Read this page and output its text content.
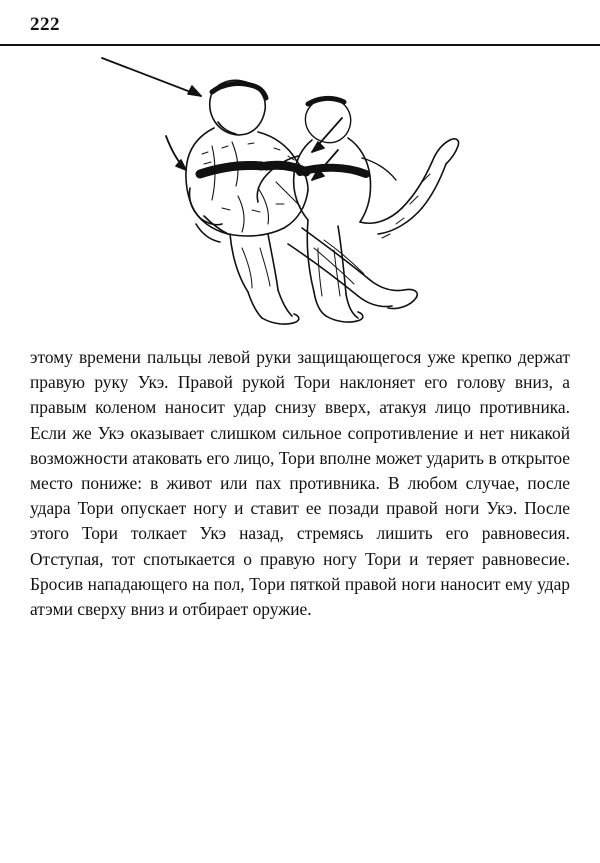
222
этому времени пальцы левой руки защищающегося уже крепко держат правую руку Укэ. Правой рукой Тори наклоняет его голову вниз, а правым коленом наносит удар снизу вверх, атакуя лицо противника. Если же Укэ оказывает слишком сильное сопротивление и нет никакой возможности атаковать его лицо, Тори вполне может ударить в открытое место пониже: в живот или пах противника. В любом случае, после удара Тори опускает ногу и ставит ее позади правой ноги Укэ. После этого Тори толкает Укэ назад, стремясь лишить его равновесия. Отступая, тот спотыкается о правую ногу Тори и теряет равновесие. Бросив нападающего на пол, Тори пяткой правой ноги наносит ему удар атэми сверху вниз и отбирает оружие.
